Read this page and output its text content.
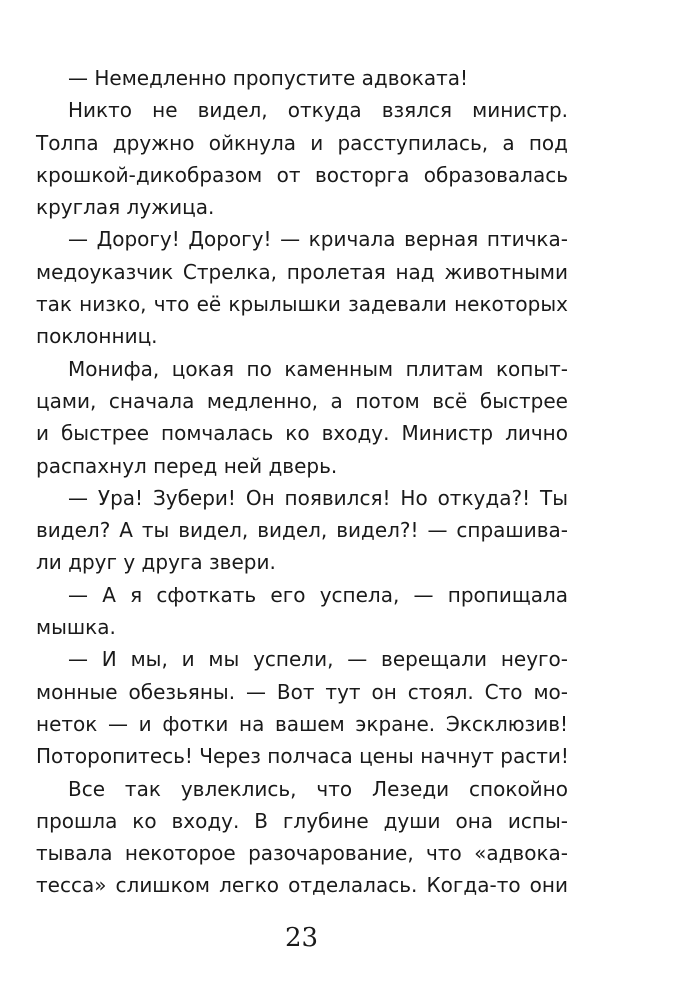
— Немедленно пропустите адвоката!
Никто не видел, откуда взялся министр.
Толпа дружно ойкнула и расступилась, а под
крошкой-дикобразом от восторга образовалась
круглая лужица.
— Дорогу! Дорогу! — кричала верная птичка-
медоуказчик Стрелка, пролетая над животными
так низко, что её крылышки задевали некоторых
поклонниц.
Монифа, цокая по каменным плитам копыт-
цами, сначала медленно, а потом всё быстрее
и быстрее помчалась ко входу. Министр лично
распахнул перед ней дверь.
— Ура! Зубери! Он появился! Но откуда?! Ты
видел? А ты видел, видел, видел?! — спрашива-
ли друг у друга звери.
— А я сфоткать его успела, — пропищала
мышка.
— И мы, и мы успели, — верещали неуго-
монные обезьяны. — Вот тут он стоял. Сто мо-
неток — и фотки на вашем экране. Эксклюзив!
Поторопитесь! Через полчаса цены начнут расти!
Все так увлеклись, что Лезеди спокойно
прошла ко входу. В глубине души она испы-
тывала некоторое разочарование, что «адвока-
тесса» слишком легко отделалась. Когда-то они
23
